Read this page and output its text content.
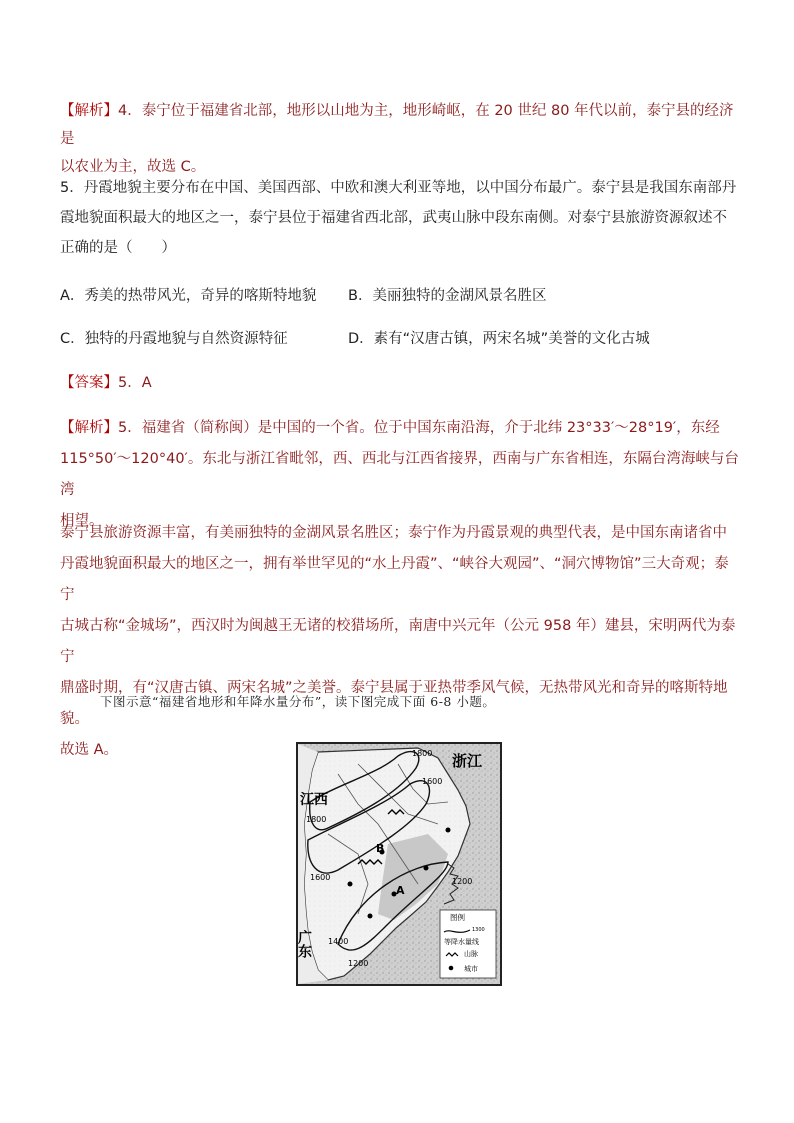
【解析】4．泰宁位于福建省北部，地形以山地为主，地形崎岖，在 20 世纪 80 年代以前，泰宁县的经济是
以农业为主，故选 C。
5．丹霞地貌主要分布在中国、美国西部、中欧和澳大利亚等地，以中国分布最广。泰宁县是我国东南部丹
霞地貌面积最大的地区之一，泰宁县位于福建省西北部，武夷山脉中段东南侧。对泰宁县旅游资源叙述不
正确的是（　　）
A．秀美的热带风光，奇异的喀斯特地貌 B．美丽独特的金湖风景名胜区
C．独特的丹霞地貌与自然资源特征	D．素有“汉唐古镇，两宋名城”美誉的文化古城
【答案】5．A
【解析】5．福建省（简称闽）是中国的一个省。位于中国东南沿海，介于北纬 23°33′～28°19′，东经
115°50′～120°40′。东北与浙江省毗邻，西、西北与江西省接界，西南与广东省相连，东隔台湾海峡与台湾
相望。
泰宁县旅游资源丰富，有美丽独特的金湖风景名胜区；泰宁作为丹霞景观的典型代表，是中国东南诸省中
丹霞地貌面积最大的地区之一，拥有举世罕见的“水上丹霞”、“峡谷大观园”、“洞穴博物馆”三大奇观；泰宁
古城古称“金城场”，西汉时为闽越王无诸的校猎场所，南唐中兴元年（公元 958 年）建县，宋明两代为泰宁
鼎盛时期，有“汉唐古镇、两宋名城”之美誉。泰宁县属于亚热带季风气候，无热带风光和奇异的喀斯特地貌。
故选 A。
下图示意“福建省地形和年降水量分布”，读下图完成下面 6-8 小题。
1800 浙江
1600
江西
1800
B
1600	1200
A
广东 1400
1200
图例
1300
等降水量线
山脉
城市
